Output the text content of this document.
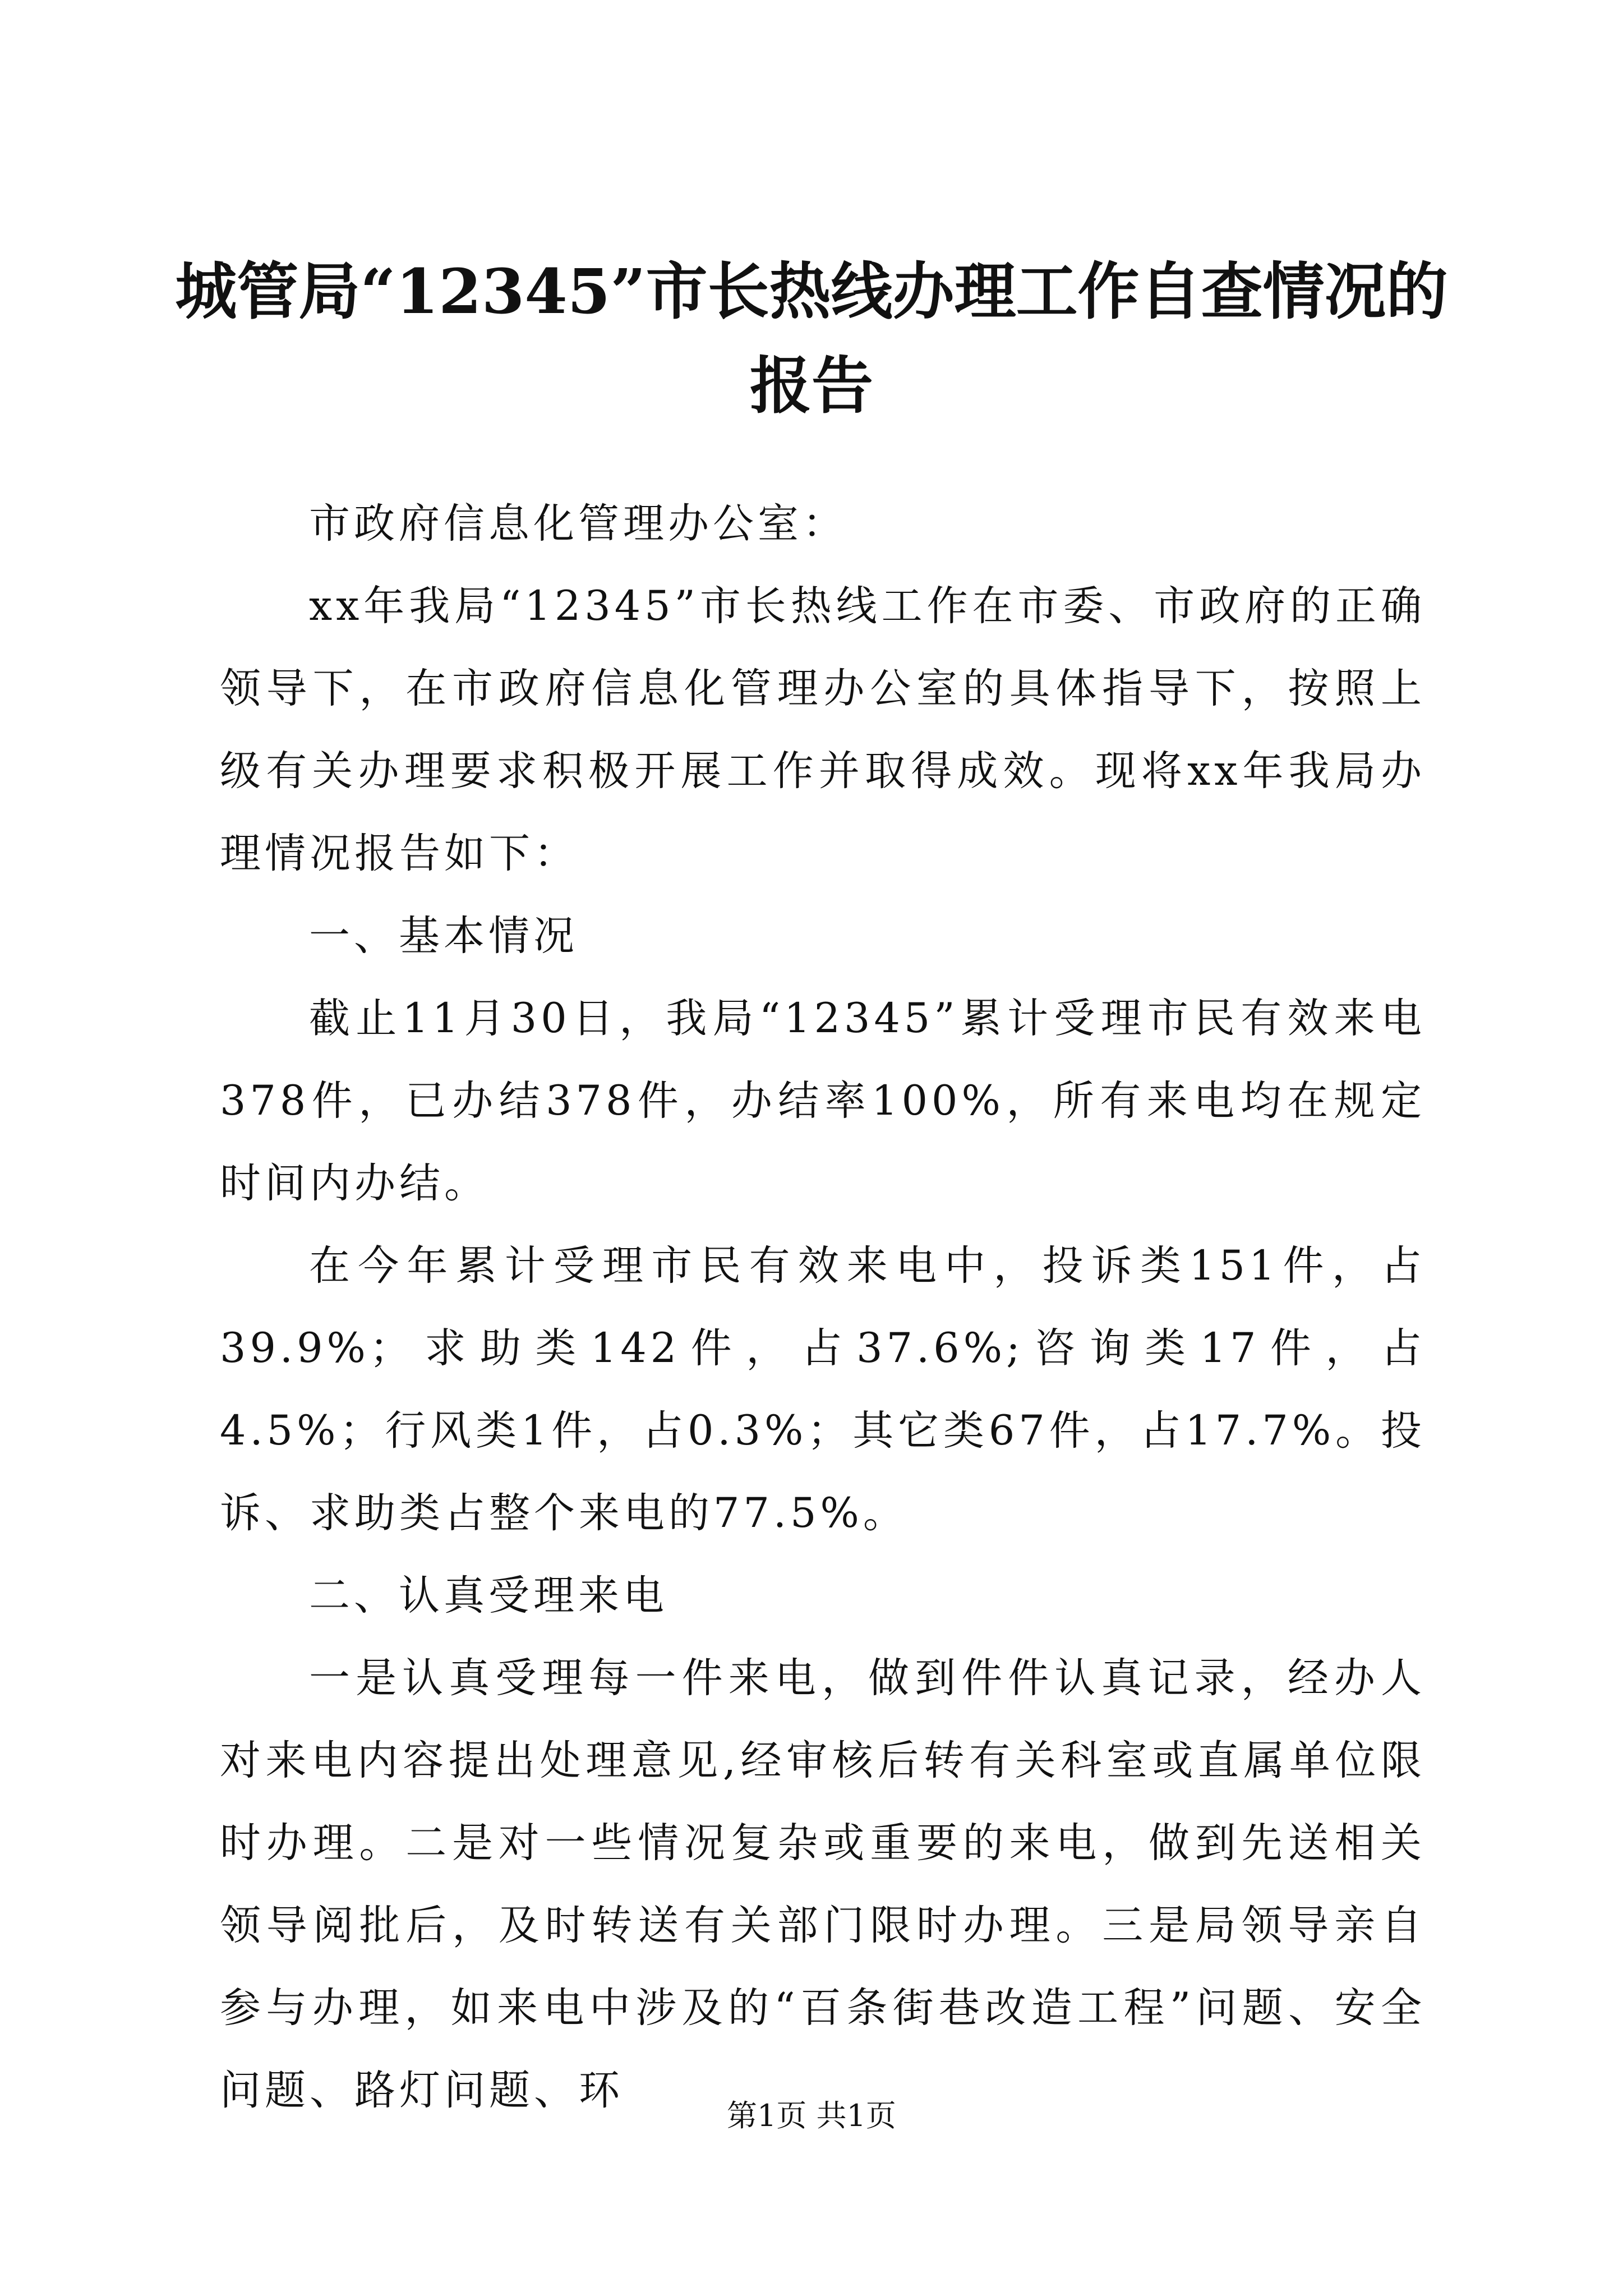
城管局“12345”市长热线办理工作自查情况的报告

市政府信息化管理办公室：

xx年我局“12345”市长热线工作在市委、市政府的正确领导下，在市政府信息化管理办公室的具体指导下，按照上级有关办理要求积极开展工作并取得成效。现将xx年我局办理情况报告如下：

一、基本情况

截止11月30日，我局“12345”累计受理市民有效来电378件，已办结378件，办结率100%，所有来电均在规定时间内办结。

在今年累计受理市民有效来电中，投诉类151件，占39.9%；求助类142件，占37.6%;咨询类17件，占4.5%；行风类1件，占0.3%；其它类67件，占17.7%。投诉、求助类占整个来电的77.5%。

二、认真受理来电

一是认真受理每一件来电，做到件件认真记录，经办人对来电内容提出处理意见,经审核后转有关科室或直属单位限时办理。二是对一些情况复杂或重要的来电，做到先送相关领导阅批后，及时转送有关部门限时办理。三是局领导亲自参与办理，如来电中涉及的“百条街巷改造工程”问题、安全问题、路灯问题、环

第1页 共1页
